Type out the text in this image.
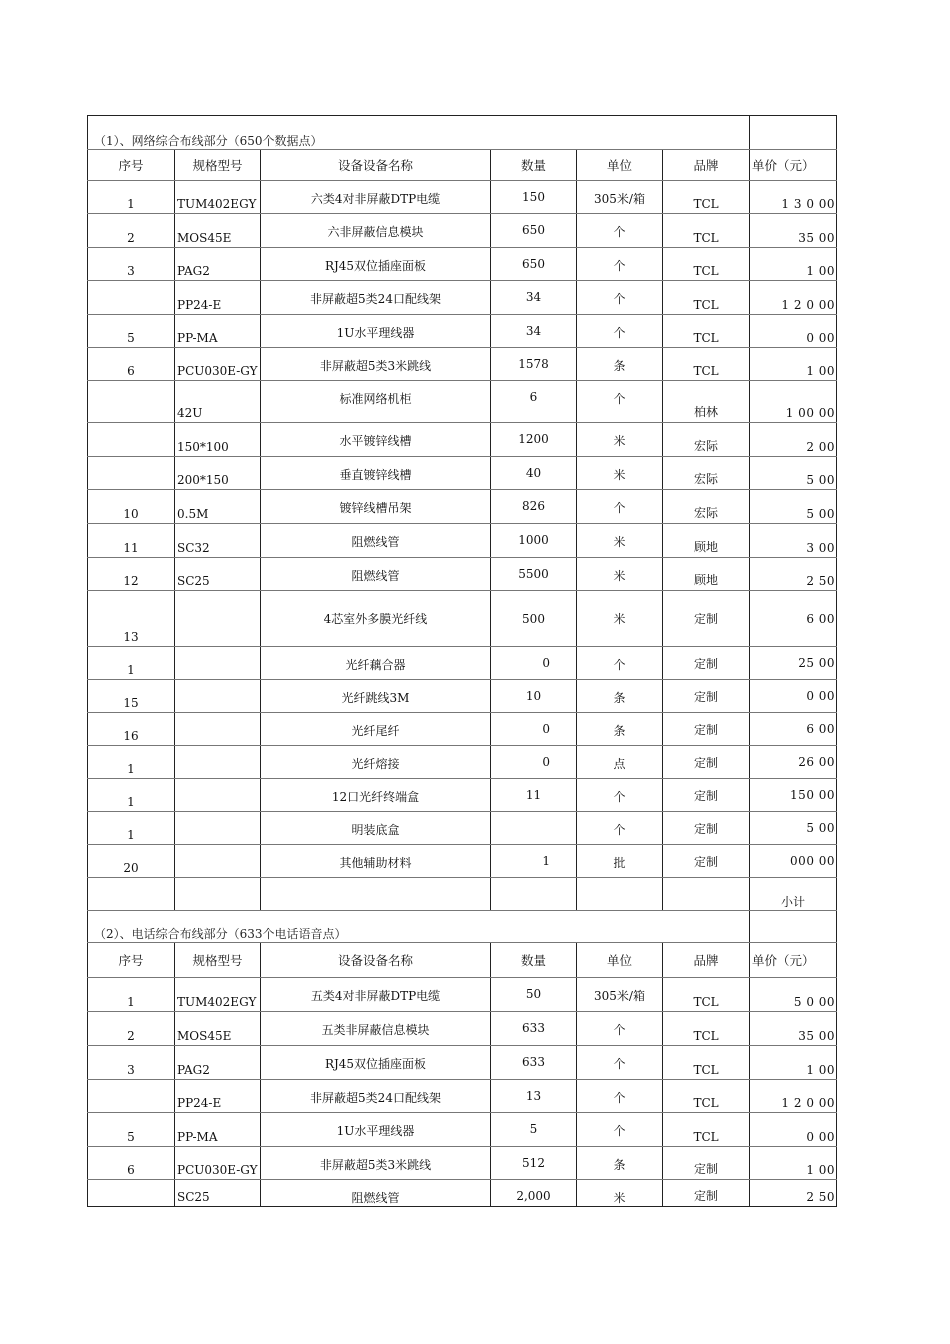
（1）、网络综合布线部分（650个数据点）						
序号	规格型号	设备设备名称	数量	单位	品牌	单价（元）
1	TUM402EGY	六类4对非屏蔽DTP电缆	150	305米/箱	TCL	1 3 0 00
2	MOS45E	六非屏蔽信息模块	650	个	TCL	35 00
3	PAG2	RJ45双位插座面板	650	个	TCL	1 00
	PP24-E	非屏蔽超5类24口配线架	34	个	TCL	1 2 0 00
5	PP-MA	1U水平理线器	34	个	TCL	0 00
6	PCU030E-GY	非屏蔽超5类3米跳线	1578	条	TCL	1 00
	42U	标准网络机柜	6	个	柏林	1 00 00
	150*100	水平镀锌线槽	1200	米	宏际	2 00
	200*150	垂直镀锌线槽	40	米	宏际	5 00
10	0.5M	镀锌线槽吊架	826	个	宏际	5 00
11	SC32	阻燃线管	1000	米	顾地	3 00
12	SC25	阻燃线管	5500	米	顾地	2 50
13		4芯室外多膜光纤线	500	米	定制	6 00
1		光纤藕合器	0	个	定制	25 00
15		光纤跳线3M	10	条	定制	0 00
16		光纤尾纤	0	条	定制	6 00
1		光纤熔接	0	点	定制	26 00
1		12口光纤终端盒	11	个	定制	150 00
1		明装底盒		个	定制	5 00
20		其他辅助材料	1	批	定制	000 00
						小计
（2）、电话综合布线部分（633个电话语音点）						
序号	规格型号	设备设备名称	数量	单位	品牌	单价（元）
1	TUM402EGY	五类4对非屏蔽DTP电缆	50	305米/箱	TCL	5 0 00
2	MOS45E	五类非屏蔽信息模块	633	个	TCL	35 00
3	PAG2	RJ45双位插座面板	633	个	TCL	1 00
	PP24-E	非屏蔽超5类24口配线架	13	个	TCL	1 2 0 00
5	PP-MA	1U水平理线器	5	个	TCL	0 00
6	PCU030E-GY	非屏蔽超5类3米跳线	512	条	定制	1 00
	SC25	阻燃线管	2,000	米	定制	2 50
